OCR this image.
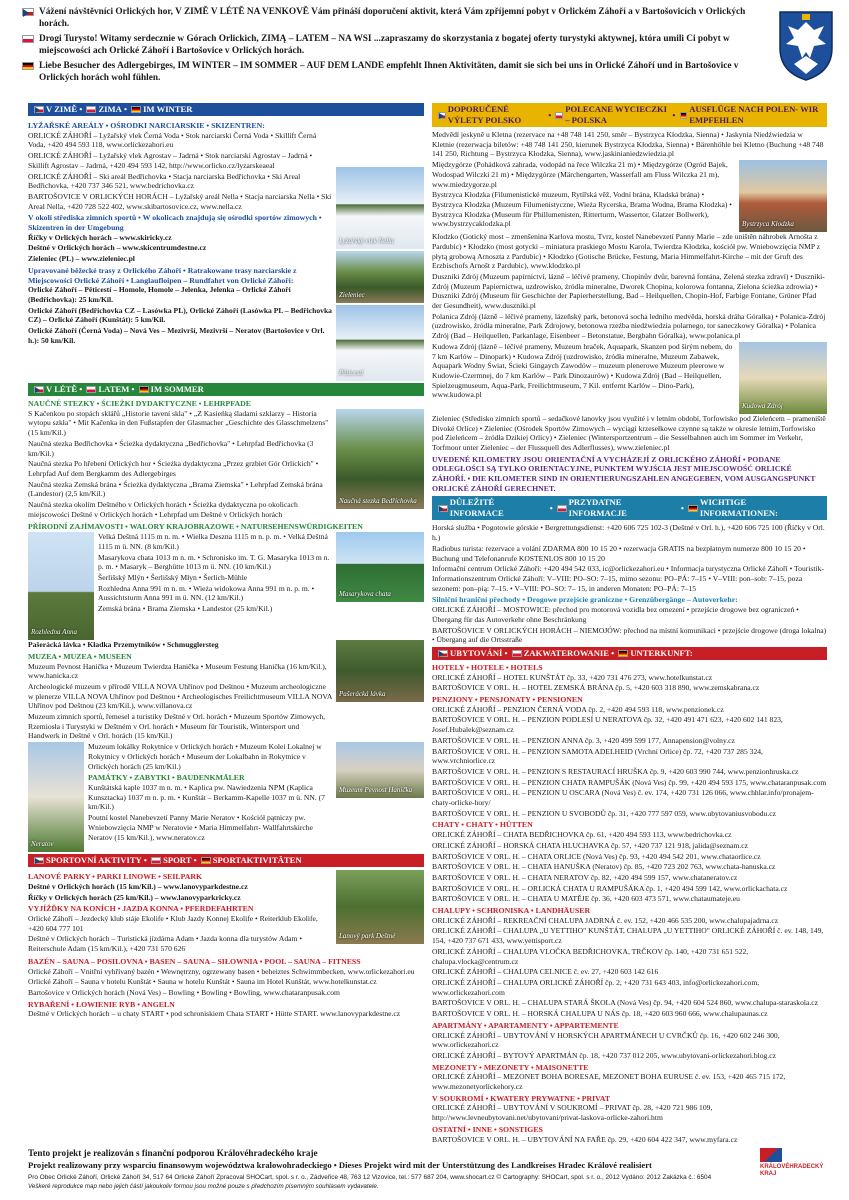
Vážení návštěvníci Orlických hor, V ZIMĚ V LÉTĚ NA VENKOVĚ Vám přináší doporučení aktivit, která Vám zpříjemní pobyt v Orlickém Záhoří a v Bartošovicích v Orlických horách.

Drogi Turysto! Witamy serdecznie w Górach Orlickich, ZIMĄ – LATEM – NA WSI ...zapraszamy do skorzystania z bogatej oferty turystyki aktywnej, która umili Ci pobyt w miejscowości ach Orlické Záhoří i Bartošovice v Orlických horách.

Liebe Besucher des Adlergebirges, IM WINTER – IM SOMMER – AUF DEM LANDE empfehlt Ihnen Aktivitäten, damit sie sich bei uns in Orlické Záhoří und in Bartošovice v Orlických horách wohl fühlen.

V ZIMĚ • ZIMA • IM WINTER
LYŽAŘSKÉ AREÁLY • OŚRODKI NARCIARSKIE • SKIZENTREN:
ORLICKÉ ZÁHOŘÍ – Lyžařský vlek Černá Voda • Stok narciarski Černá Voda • Skillift Černá Voda, +420 494 593 118, www.orlickezahori.eu
ORLICKÉ ZÁHOŘÍ – Lyžařský vlek Agrostav – Jadrná • Stok narciarski Agrostav – Jadrná • Skillift Agrostav – Jadrná, +420 494 593 142, http://www.orlicko.cz/lyzarskeaeal
ORLICKÉ ZÁHOŘÍ – Ski areál Bedřichovka • Stacja narciarska Bedřichovka • Ski Areal Bedřichovka, +420 737 346 521, www.bedrichovka.cz
BARTOŠOVICE V ORLICKÝCH HORÁCH – Lyžařský areál Nella • Stacja narciarska Nella • Ski Areal Nella, +420 728 522 402, www.skibartosovice.cz, www.nella.cz
V okolí střediska zimních sportů • W okolicach znajdują się ośrodki sportów zimowych • Skizentren in der Umgebung
Říčky v Orlických horách – www.skiricky.cz
Deštné v Orlických horách – www.skicentrumdestne.cz
Zieleniec (PL) – www.zieleniec.pl
Upravované běžecké trasy z Orlického Záhoří • Ratrakowane trasy narciarskie z Miejscowości Orlické Záhoří • Langlaufloipen – Rundfahrt von Orlické Záhoří:
Orlické Záhoří – Pěticestí – Homole, Homole – Jelenka, Jelenka – Orlické Záhoří (Bedřichovka): 25 km/Kil.
Orlické Záhoří (Bedřichovka CZ – Lasówka PL), Orlické Záhoří (Lasówka PL – Bedřichovka CZ) – Orlické Záhoří (Kunštát): 5 km/Kil.
Orlické Záhoří (Černá Voda) – Nová Ves – Mezivrší, Mezivrší – Neratov (Bartošovice v Orl. h.): 50 km/Kil.
Lyžařský vlek Nella
Zieleniec
Pěticestí
V LÉTĚ • LATEM • IM SOMMER
NAUČNÉ STEZKY • ŚCIEŻKI DYDAKTYCZNE • LEHRPFADE
S Kačenkou po stopách sklářů „Historie tavení skla" • „Z Kasieńką śladami szklarzy – Historia wytopu szkła" • Mit Kačenka in den Fußstapfen der Glasmacher „Geschichte des Glasschmelzens" (15 km/Kil.)
Naučná stezka Bedřichovka • Ścieżka dydaktyczna „Bedřichovka" • Lehrpfad Bedřichovka (3 km/Kil.)
Naučná stezka Po hřebeni Orlických hor • Ścieżka dydaktyczna „Przez grzbiet Gór Orlickich" • Lehrpfad Auf dem Bergkamm des Adlergebirges
Naučná stezka Zemská brána • Ścieżka dydaktyczna „Brama Ziemska" • Lehrpfad Zemská brána (Landestor) (2,5 km/Kil.)
Naučná stezka okolím Deštného v Orlických horách • Ścieżka dydaktyczna po okolicach miejscowości Deštné v Orlických horách • Lehrpfad um Deštné v Orlických horách
Naučná stezka Bedřichovka
PŘÍRODNÍ ZAJÍMAVOSTI • WALORY KRAJOBRAZOWE • NATURSEHENSWÜRDIGKEITEN
Rozhledna Anna
Velká Deštná 1115 m n. m. • Wielka Deszna 1115 m n. p. m. • Velká Deštná 1115 m ü. NN. (8 km/Kil.)
Masarykova chata 1013 m n. m. • Schronisko im. T. G. Masaryka 1013 m n. p. m. • Masaryk – Berghütte 1013 m ü. NN. (10 km/Kil.)
Šerlišský Mlýn • Šerlišský Młyn • Šerlich-Mühle
Rozhledna Anna 991 m n. m. • Wieża widokowa Anna 991 m n. p. m. • Aussichtsturm Anna 991 m ü. NN. (12 km/Kil.)
Zemská brána • Brama Ziemska • Landestor (25 km/Kil.)
Masarykova chata
Pašerácká lávka • Kładka Przemytników • Schmugglersteg
MUZEA • MUZEA • MUSEEN
Muzeum Pevnost Hanička • Muzeum Twierdza Hanička • Museum Festung Hanička (16 km/Kil.), www.hanicka.cz
Archeologické muzeum v přírodě VILLA NOVA Uhřínov pod Deštnou • Muzeum archeologiczne w plenerze VILLA NOVA Uhřínov pod Deštnou • Archeologisches Freilichtmuseum VILLA NOVA Uhřínov pod Deštnou (23 km/Kil.), www.villanova.cz
Muzeum zimních sportů, řemesel a turistiky Deštné v Orl. horách • Muzeum Sportów Zimowych, Rzemiosła i Turystyki w Deštném v Orl. horách • Museum für Touristik, Wintersport und Handwerk in Deštné v Orl. horách (15 km/Kil.)
Pašerácká lávka
Neratov
Muzeum lokálky Rokytnice v Orlických horách • Muzeum Kolei Lokalnej w Rokytnicy v Orlických horách • Museum der Lokalbahn in Rokytnice v Orlických horách (25 km/Kil.)
PAMÁTKY • ZABYTKI • BAUDENKMÄLER
Kunštátská kaple 1037 m n. m. • Kaplica pw. Nawiedzenia NPM (Kaplica Kunsztacka) 1037 m n. p. m. • Kunštát – Berkamm-Kapelle 1037 m ü. NN. (7 km/Kil.)
Poutní kostel Nanebevzetí Panny Marie Neratov • Kościół pątniczy pw. Wniebowzięcia NMP w Neratovie • Maria Himmelfahrt- Wallfahrtskirche Neratov (15 km/Kil.), www.neratov.cz
Muzeum Pevnost Hanička
SPORTOVNÍ AKTIVITY • SPORT • SPORTAKTIVITÄTEN
LANOVÉ PARKY • PARKI LINOWE • SEILPARK
Deštné v Orlických horách (15 km/Kil.) – www.lanovyparkdestne.cz
Říčky v Orlických horách (25 km/Kil.) – www.lanovyparkricky.cz
VYJÍŽĎKY NA KONÍCH • JAZDA KONNA • PFERDEFAHRTEN
Orlické Záhoří – Jezdecký klub stáje Ekolife • Klub Jazdy Konnej Ekolife • Reiterklub Ekolife, +420 604 777 101
Deštné v Orlických horách – Turistická jízdárna Adam • Jazda konna dla turystów Adam • Reiterschule Adam (15 km/Kil.), +420 731 570 626
Lanový park Deštné
BAZÉN – SAUNA – POSILOVNA • BASEN – SAUNA – SIŁOWNIA • POOL – SAUNA – FITNESS
Orlické Záhoří – Vnitřní vyhřívaný bazén • Wewnętrzny, ogrzewany basen • beheiztes Schwimmbecken, www.orlickezahori.eu
Orlické Záhoří – Sauna v hotelu Kunštát • Sauna w hotelu Kunštát • Sauna im Hotel Kunštát, www.hotelkunstat.cz
Bartošovice v Orlických horách (Nová Ves) – Bowling • Bowling • Bowling, www.chataranpusak.com
RYBAŘENÍ • ŁOWIENIE RYB • ANGELN
Deštné v Orlických horách – u chaty START • pod schroniskiem Chata START • Hütte START. www.lanovyparkdestne.cz
DOPORUČENÉ VÝLETY POLSKO
•
POLECANE WYCIECZKI – POLSKA
•
AUSFLÜGE NACH POLEN- WIR EMPFEHLEN
Medvědí jeskyně u Kletna (rezervace na +48 748 141 250, směr – Bystrzyca Kłodzka, Sienna) • Jaskynia Niedźwiedzia w Kletnie (rezerwacja biletów: +48 748 141 250, kierunek Bystrzyca Kłodzka, Sienna) • Bärenhöhle bei Kletno (Buchung +48 748 141 250, Richtung – Bystrzyca Kłodzka, Sienna), www.jaskinianiedzwiedzia.pl
Międzygórze (Pohádková zahrada, vodopád na řece Wilczka 21 m) • Międzygórze (Ogród Bajek, Wodospad Wilczki 21 m) • Międzygórze (Märchengarten, Wasserfall am Fluss Wilczka 21 m), www.miedzygorze.pl
Bystrzyca Kłodzka (Filumenistické muzeum, Rytířská věž, Vodní brána, Kladská brána) • Bystrzyca Kłodzka (Muzeum Filumenistyczne, Wieża Rycerska, Brama Wodna, Brama Kłodzka) • Bystrzyca Kłodzka (Museum für Phillumenisten, Ritterturm, Wassertor, Glatzer Bollwerk), www.bystrzycaklodzka.pl	Bystrzyca Kłodzka
Kłodzko (Gotický most – zmenšenina Karlova mostu, Tvrz, kostel Nanebevzetí Panny Marie – zde uništěn náhrobek Arnošta z Pardubic) • Kłodzko (most gotycki – miniatura praskiego Mostu Karola, Twierdza Kłodzka, kościół pw. Wniebowzięcia NMP z płytą grobową Arnoszta z Pardubic) • Kłodzko (Gotische Brücke, Festung, Maria Himmelfahrt-Kirche – mit der Gruft des Erzbischofs Arnošt z Pardubic), www.klodzko.pl
Duszniki Zdrój (Muzeum papírnictví, lázně – léčivé prameny, Chopinův dvůr, barevná fontána, Zelená stezka zdraví) • Duszniki-Zdrój (Muzeum Papiernictwa, uzdrowisko, źródła mineralne, Dworek Chopina, kolorowa fontanna, Zielona ścieżka zdrowia) • Duszniki Zdrój (Museum für Geschichte der Papierherstellung, Bad – Heilquellen, Chopin-Hof, Farbige Fontane, Grüner Pfad der Gesundheit), www.duszniki.pl
Polanica Zdrój (lázně – léčivé prameny, lázeňský park, betonová socha ledního medvěda, horská dráha Górałka) • Polanica-Zdrój (uzdrowisko, źródła mineralne, Park Zdrojowy, betonowa rzeźba niedźwiedzia polarnego, tor saneczkowy Góralka) • Polanica Zdrój (Bad – Heilquellen, Parkanlage, Eisenbeer – Betonstatue, Bergbahn Góralka), www.polanica.pl
Kudowa Zdrój (lázně – léčivé prameny, Muzeum hraček, Aquapark, Skanzen pod širým nebem, do 7 km Karlów – Dinopark) • Kudowa Zdrój (uzdrowisko, źródła mineralne, Muzeum Zabawek, Aquapark Wodny Świat, Ścieki Gingaych Zawodów – muzeum plenerowe Muzeum pleerowe w Kudowie-Czermnej, do 7 km Karlów – Park Dinozaurów) • Kudowa Zdrój (Bad – Heilquellen, Spielzeugmuseum, Aqua-Park, Freilichtmuseum, 7 Kil. entfernt Karlów – Dino-Park), www.kudowa.pl
Kudowa Zdrój
Zieleniec (Středisko zimních sportů – sedačkové lanovky jsou využité i v letním období, Torfowisko pod Zieleńcem – prameniště Divoké Orlice) • Zieleniec (Ośrodek Sportów Zimowych – wyciągi krzesełkowe czynne są także w okresie letnim,Torfowisko pod Zieleńcem – źródła Dzikiej Orlicy) • Zieleniec (Wintersportzentrum – die Sesselbahnen auch im Sommer im Verkehr, Torfmoor unter Zieleniec – der Flussquell des Adlerflusses), www.zieleniec.pl
UVEDENÉ KILOMETRY JSOU ORIENTAČNÍ A VYCHÁZEJÍ Z ORLICKÉHO ZÁHOŘÍ • PODANE ODLEGŁOŚCI SĄ TYLKO ORIENTACYJNE, PUNKTEM WYJŚCIA JEST MIEJSCOWOŚĆ ORLICKÉ ZÁHOŘÍ. • DIE KILOMETER SIND IN ORIENTIERUNGSZAHLEN ANGEGEBEN, VOM AUSGANGSPUNKT ORLICKÉ ZÁHOŘÍ GERECHNET.
DŮLEŽITÉ INFORMACE
•
PRZYDATNE INFORMACJE
•
WICHTIGE INFORMATIONEN:
Horská služba • Pogotowie górskie • Bergrettungsdienst: +420 606 725 102-3 (Deštné v Orl. h.), +420 606 725 100 (Říčky v Orl. h.)
Radiobus turista: rezervace a volání ZDARMA 800 10 15 20 • rezerwacja GRATIS na bezpłatnym numerze 800 10 15 20 • Buchung und Telefonanrufe KOSTENLOS 800 10 15 20
Informační centrum Orlické Záhoří: +420 494 542 033, ic@orlickezahori.eu • Informacja turystyczna Orlické Záhoří • Touristik-Informationszentrum Orlické Záhoří: V–VIII: PO–SO: 7–15, mimo sezonu: PO–PÁ: 7–15 • V–VIII: pon–sob: 7–15, poza sezonem: pon–pią: 7–15. • V–VIII: PO–SO: 7– 15, in anderen Monaten: PO–PÁ: 7–15
Silniční hraniční přechody • Drogowe przejście graniczne • Grenzübergänge – Autoverkehr:
ORLICKÉ ZÁHOŘÍ – MOSTOWICE: přechod pro motorová vozidla bez omezení • przejście drogowe bez ograniczeń • Übergang für das Autoverkehr ohne Beschränkung
BARTOŠOVICE V ORLICKÝCH HORÁCH – NIEMOJÓW: přechod na místní komunikaci • przejście drogowe (droga lokalna) • Übergang auf die Ortsstraße
UBYTOVÁNÍ • ZAKWATEROWANIE • UNTERKUNFT:
HOTELY • HOTELE • HOTELS
ORLICKÉ ZÁHOŘÍ – HOTEL KUNŠTÁT čp. 33, +420 731 476 273, www.hotelkunstat.cz
BARTOŠOVICE V ORL. H. – HOTEL ZEMSKÁ BRÁNA čp. 5, +420 603 318 890, www.zemskabrana.cz
PENZIONY • PENSJONATY • PENSIONEN
ORLICKÉ ZÁHOŘÍ – PENZION ČERNÁ VODA čp. 2, +420 494 593 118, www.penzionek.cz
BARTOŠOVICE V ORL. H. – PENZION PODLESÍ U NERATOVA čp. 32, +420 491 471 623, +420 602 141 823, Josef.Hubalek@seznam.cz
BARTOŠOVICE V ORL. H. – PENZION ANNA čp. 3, +420 499 599 177, Annapension@volny.cz
BARTOŠOVICE V ORL. H. – PENZION SAMOTA ADELHEID (Vrchní Orlice) čp. 72, +420 737 285 324, www.vrchniorlice.cz
BARTOŠOVICE V ORL. H. – PENZION S RESTAURACÍ HRUŠKA čp. 9, +420 603 990 744, www.penzionhruska.cz
BARTOŠOVICE V ORL. H. – PENZION CHATA RAMPUŠÁK (Nová Ves) čp. 99, +420 494 593 175, www.chataranpusak.com
BARTOŠOVICE V ORL. H. – PENZION U OSCARA (Nová Ves) č. ev. 174, +420 731 126 066, www.chhlar.info/pronajem-chaty-orlicke-hory/
BARTOŠOVICE V ORL. H. – PENZION U SVOBODŮ čp. 31, +420 777 597 059, www.ubytovaniusvobodu.cz
CHATY • CHATY • HÜTTEN
ORLICKÉ ZÁHOŘÍ – CHATA BEDŘICHOVKA čp. 61, +420 494 593 113, www.bedrichovka.cz
ORLICKÉ ZÁHOŘÍ – HORSKÁ CHATA HLUCHAVKA čp. 57, +420 737 121 918, jalida@seznam.cz
BARTOŠOVICE V ORL. H. – CHATA ORLICE (Nová Ves) čp. 93, +420 494 542 201, www.chataorlice.cz
BARTOŠOVICE V ORL. H. – CHATA HANUŠKA (Neratov) čp. 85, +420 723 202 763, www.chata-hanuska.cz
BARTOŠOVICE V ORL. H. – CHATA NERATOV čp. 82, +420 494 599 157, www.chataneratov.cz
BARTOŠOVICE V ORL. H. – ORLICKÁ CHATA U RAMPUŠÁKA čp. 1, +420 494 599 142, www.orlickachata.cz
BARTOŠOVICE V ORL. H. – CHATA U MATĚJE čp. 36, +420 603 473 571, www.chataumateje.eu
CHALUPY • SCHRONISKA • LANDHÄUSER
ORLICKÉ ZÁHOŘÍ – REKREAČNÍ CHALUPA JADRNÁ č. ev. 152, +420 466 535 200, www.chalupajadrna.cz
ORLICKÉ ZÁHOŘÍ – CHALUPA „U YETTIHO" KUNŠTÁT, CHALUPA „U YETTIHO" ORLICKÉ ZÁHOŘÍ č. ev. 148, 149, 154, +420 737 671 433, www.yettisport.cz
ORLICKÉ ZÁHOŘÍ – CHALUPA VLOČKA BEDŘICHOVKA, TRČKOV čp. 140, +420 731 651 522, chalupa.vlocka@centrum.cz
ORLICKÉ ZÁHOŘÍ – CHALUPA CELNICE č. ev. 27, +420 603 142 616
ORLICKÉ ZÁHOŘÍ – CHALUPA ORLICKÉ ZÁHOŘÍ čp. 2, +420 731 643 403, info@orlickezahori.com, www.orlickezahori.com
BARTOŠOVICE V ORL. H. – CHALUPA STARÁ ŠKOLA (Nová Ves) čp. 94, +420 604 524 860, www.chalupa-staraskola.cz
BARTOŠOVICE V ORL. H. – HORSKÁ CHALUPA U NÁS čp. 18, +420 603 960 666, www.chalupaunas.cz
APARTMÁNY • APARTAMENTY • APPARTEMENTE
ORLICKÉ ZÁHOŘÍ – UBYTOVÁNÍ V HORSKÝCH APARTMÁNECH U CVRČKŮ čp. 16, +420 602 246 300, www.orlickezahori.cz
ORLICKÉ ZÁHOŘÍ – BYTOVÝ APARTMÁN čp. 18, +420 737 012 205, www.ubytovani-orlickezahori.blog.cz
MEZONETY • MEZONETY • MAISONETTE
ORLICKÉ ZÁHOŘÍ – MEZONET BOHA BORESAE, MEZONET BOHA EURUSE č. ev. 153, +420 465 715 172, www.mezonetyorlickehory.cz
V SOUKROMÍ • KWATERY PRYWATNE • PRIVAT
ORLICKÉ ZÁHOŘÍ – UBYTOVÁNÍ V SOUKROMÍ – PRIVAT čp. 28, +420 721 986 109, http://www.levneubytovani.net/ubytovani/privat-laskova-orlicke-zahori.htm
OSTATNÍ • INNE • SONSTIGES
BARTOŠOVICE V ORL. H. – UBYTOVÁNÍ NA FAŘE čp. 29, +420 604 422 347, www.myfara.cz
Tento projekt je realizován s finanční podporou Královéhradeckého kraje
Projekt realizowany przy wsparciu finansowym województwa kralowohradeckiego • Dieses Projekt wird mit der Unterstützung des Landkreises Hradec Králové realisiert
Pro Obec Orlické Záhoří, Orlické Záhoří 34, 517 64 Orlické Záhoří Zpracoval SHOCart, spol. s r. o., Zádveřice 48, 763 12 Vizovice, tel.: 577 687 204, www.shocart.cz © Cartography: SHOCart, spol. s r. o., 2012 Vydáno: 2012 Zakázka č.: 6504
Veškeré reprodukce map nebo jejich částí jakoukoliv formou jsou možné pouze s předchozím písemným souhlasem vydavatele.
KRÁLOVÉHRADECKÝ KRAJ
